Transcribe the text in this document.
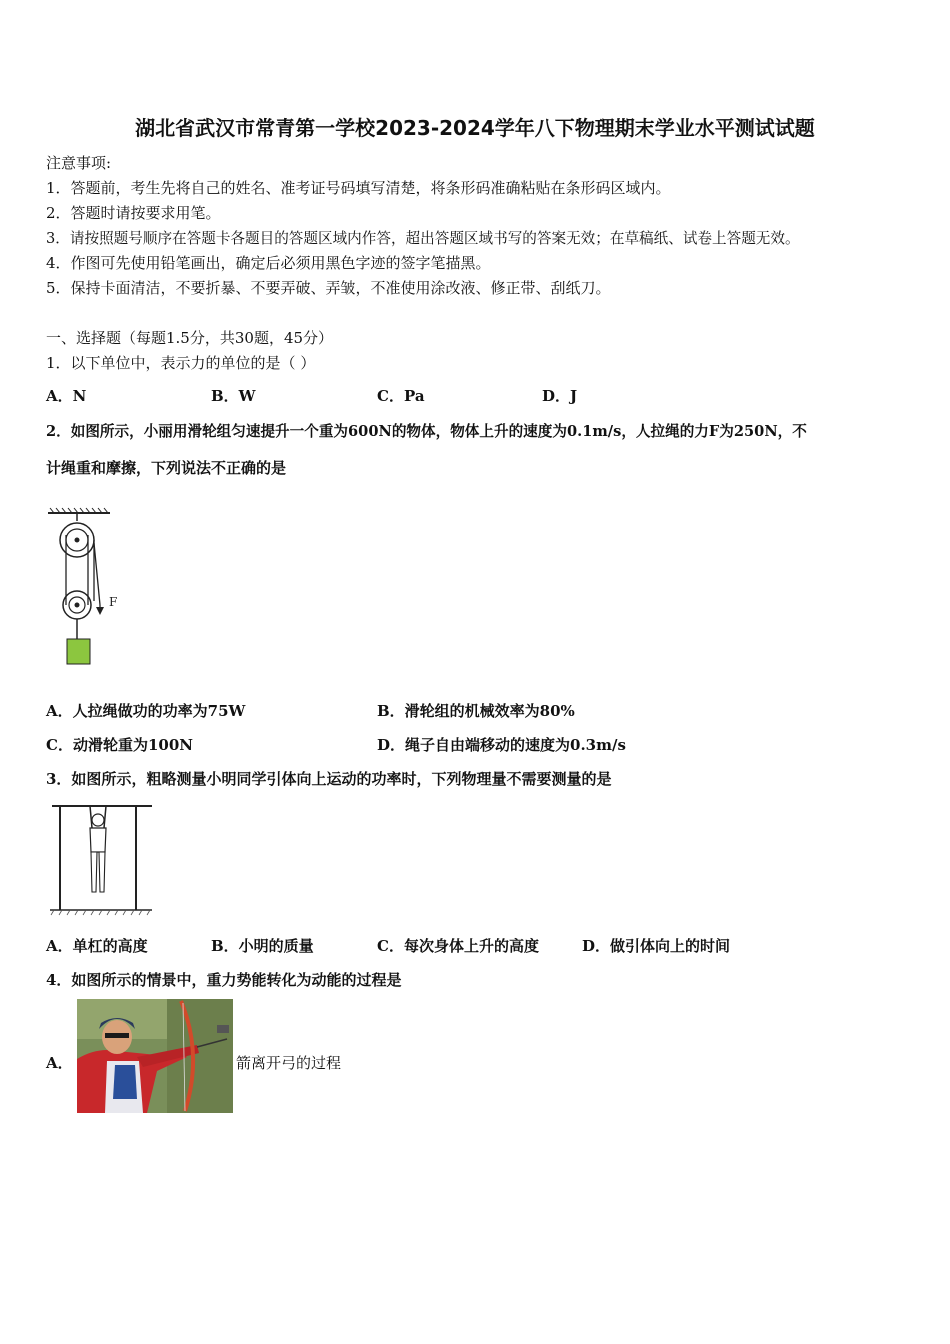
湖北省武汉市常青第一学校2023-2024学年八下物理期末学业水平测试试题
注意事项:
1．答题前，考生先将自己的姓名、准考证号码填写清楚，将条形码准确粘贴在条形码区域内。
2．答题时请按要求用笔。
3．请按照题号顺序在答题卡各题目的答题区域内作答，超出答题区域书写的答案无效；在草稿纸、试卷上答题无效。
4．作图可先使用铅笔画出，确定后必须用黑色字迹的签字笔描黑。
5．保持卡面清洁，不要折暴、不要弄破、弄皱，不准使用涂改液、修正带、刮纸刀。
一、选择题（每题1.5分，共30题，45分）
1．以下单位中，表示力的单位的是（ ）
A．N	B．W	C．Pa	D．J
2．如图所示，小丽用滑轮组匀速提升一个重为600N的物体，物体上升的速度为0.1m/s，人拉绳的力F为250N，不
计绳重和摩擦，下列说法不正确的是
F
A．人拉绳做功的功率为75W	B．滑轮组的机械效率为80%
C．动滑轮重为100N	D．绳子自由端移动的速度为0.3m/s
3．如图所示，粗略测量小明同学引体向上运动的功率时，下列物理量不需要测量的是
A．单杠的高度	B．小明的质量	C．每次身体上升的高度	D．做引体向上的时间
4．如图所示的情景中，重力势能转化为动能的过程是
A．	箭离开弓的过程
